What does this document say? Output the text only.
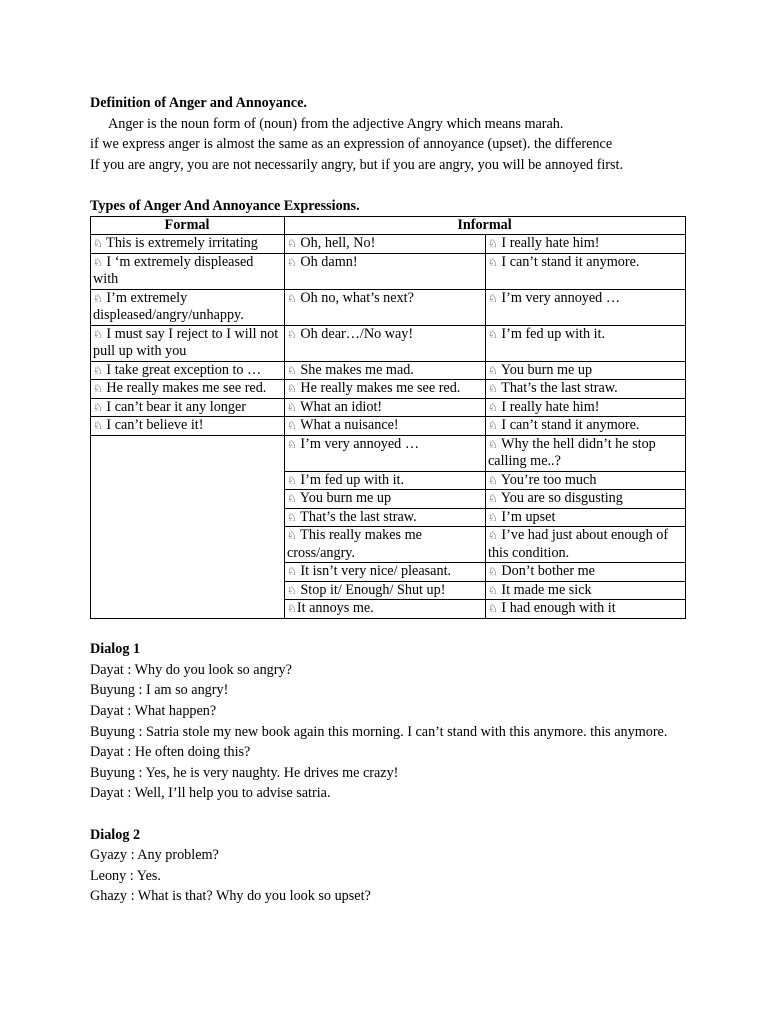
Definition of Anger and Annoyance.
Anger is the noun form of (noun) from the adjective Angry which means marah.
if we express anger is almost the same as an expression of annoyance (upset). the difference
If you are angry, you are not necessarily angry, but if you are angry, you will be annoyed first.
Types of Anger And Annoyance Expressions.
Formal	Informal	
♘ This is extremely irritating	♘ Oh, hell, No!	♘ I really hate him!
♘ I ‘m extremely displeased with	♘ Oh damn!	♘ I can’t stand it anymore.
♘ I’m extremely displeased/angry/unhappy.	♘ Oh no, what’s next?	♘ I’m very annoyed …
♘ I must say I reject to I will not pull up with you	♘ Oh dear…/No way!	♘ I’m fed up with it.
♘ I take great exception to …	♘ She makes me mad.	♘ You burn me up
♘ He really makes me see red.	♘ He really makes me see red.	♘ That’s the last straw.
♘ I can’t bear it any longer	♘ What an idiot!	♘ I really hate him!
♘ I can’t believe it!	♘ What a nuisance!	♘ I can’t stand it anymore.
	♘ I’m very annoyed …	♘ Why the hell didn’t he stop calling me..?
	♘ I’m fed up with it.	♘ You’re too much
	♘ You burn me up	♘ You are so disgusting
	♘ That’s the last straw.	♘ I’m upset
	♘ This really makes me cross/angry.	♘ I’ve had just about enough of this condition.
	♘ It isn’t very nice/ pleasant.	♘ Don’t bother me
	♘ Stop it/ Enough/ Shut up!	♘ It made me sick
	♘It annoys me.	♘ I had enough with it
Dialog 1
Dayat : Why do you look so angry?
Buyung : I am so angry!
Dayat : What happen?
Buyung : Satria stole my new book again this morning. I can’t stand with this anymore. this anymore.
Dayat : He often doing this?
Buyung : Yes, he is very naughty. He drives me crazy!
Dayat : Well, I’ll help you to advise satria.
Dialog 2
Gyazy : Any problem?
Leony : Yes.
Ghazy : What is that? Why do you look so upset?
